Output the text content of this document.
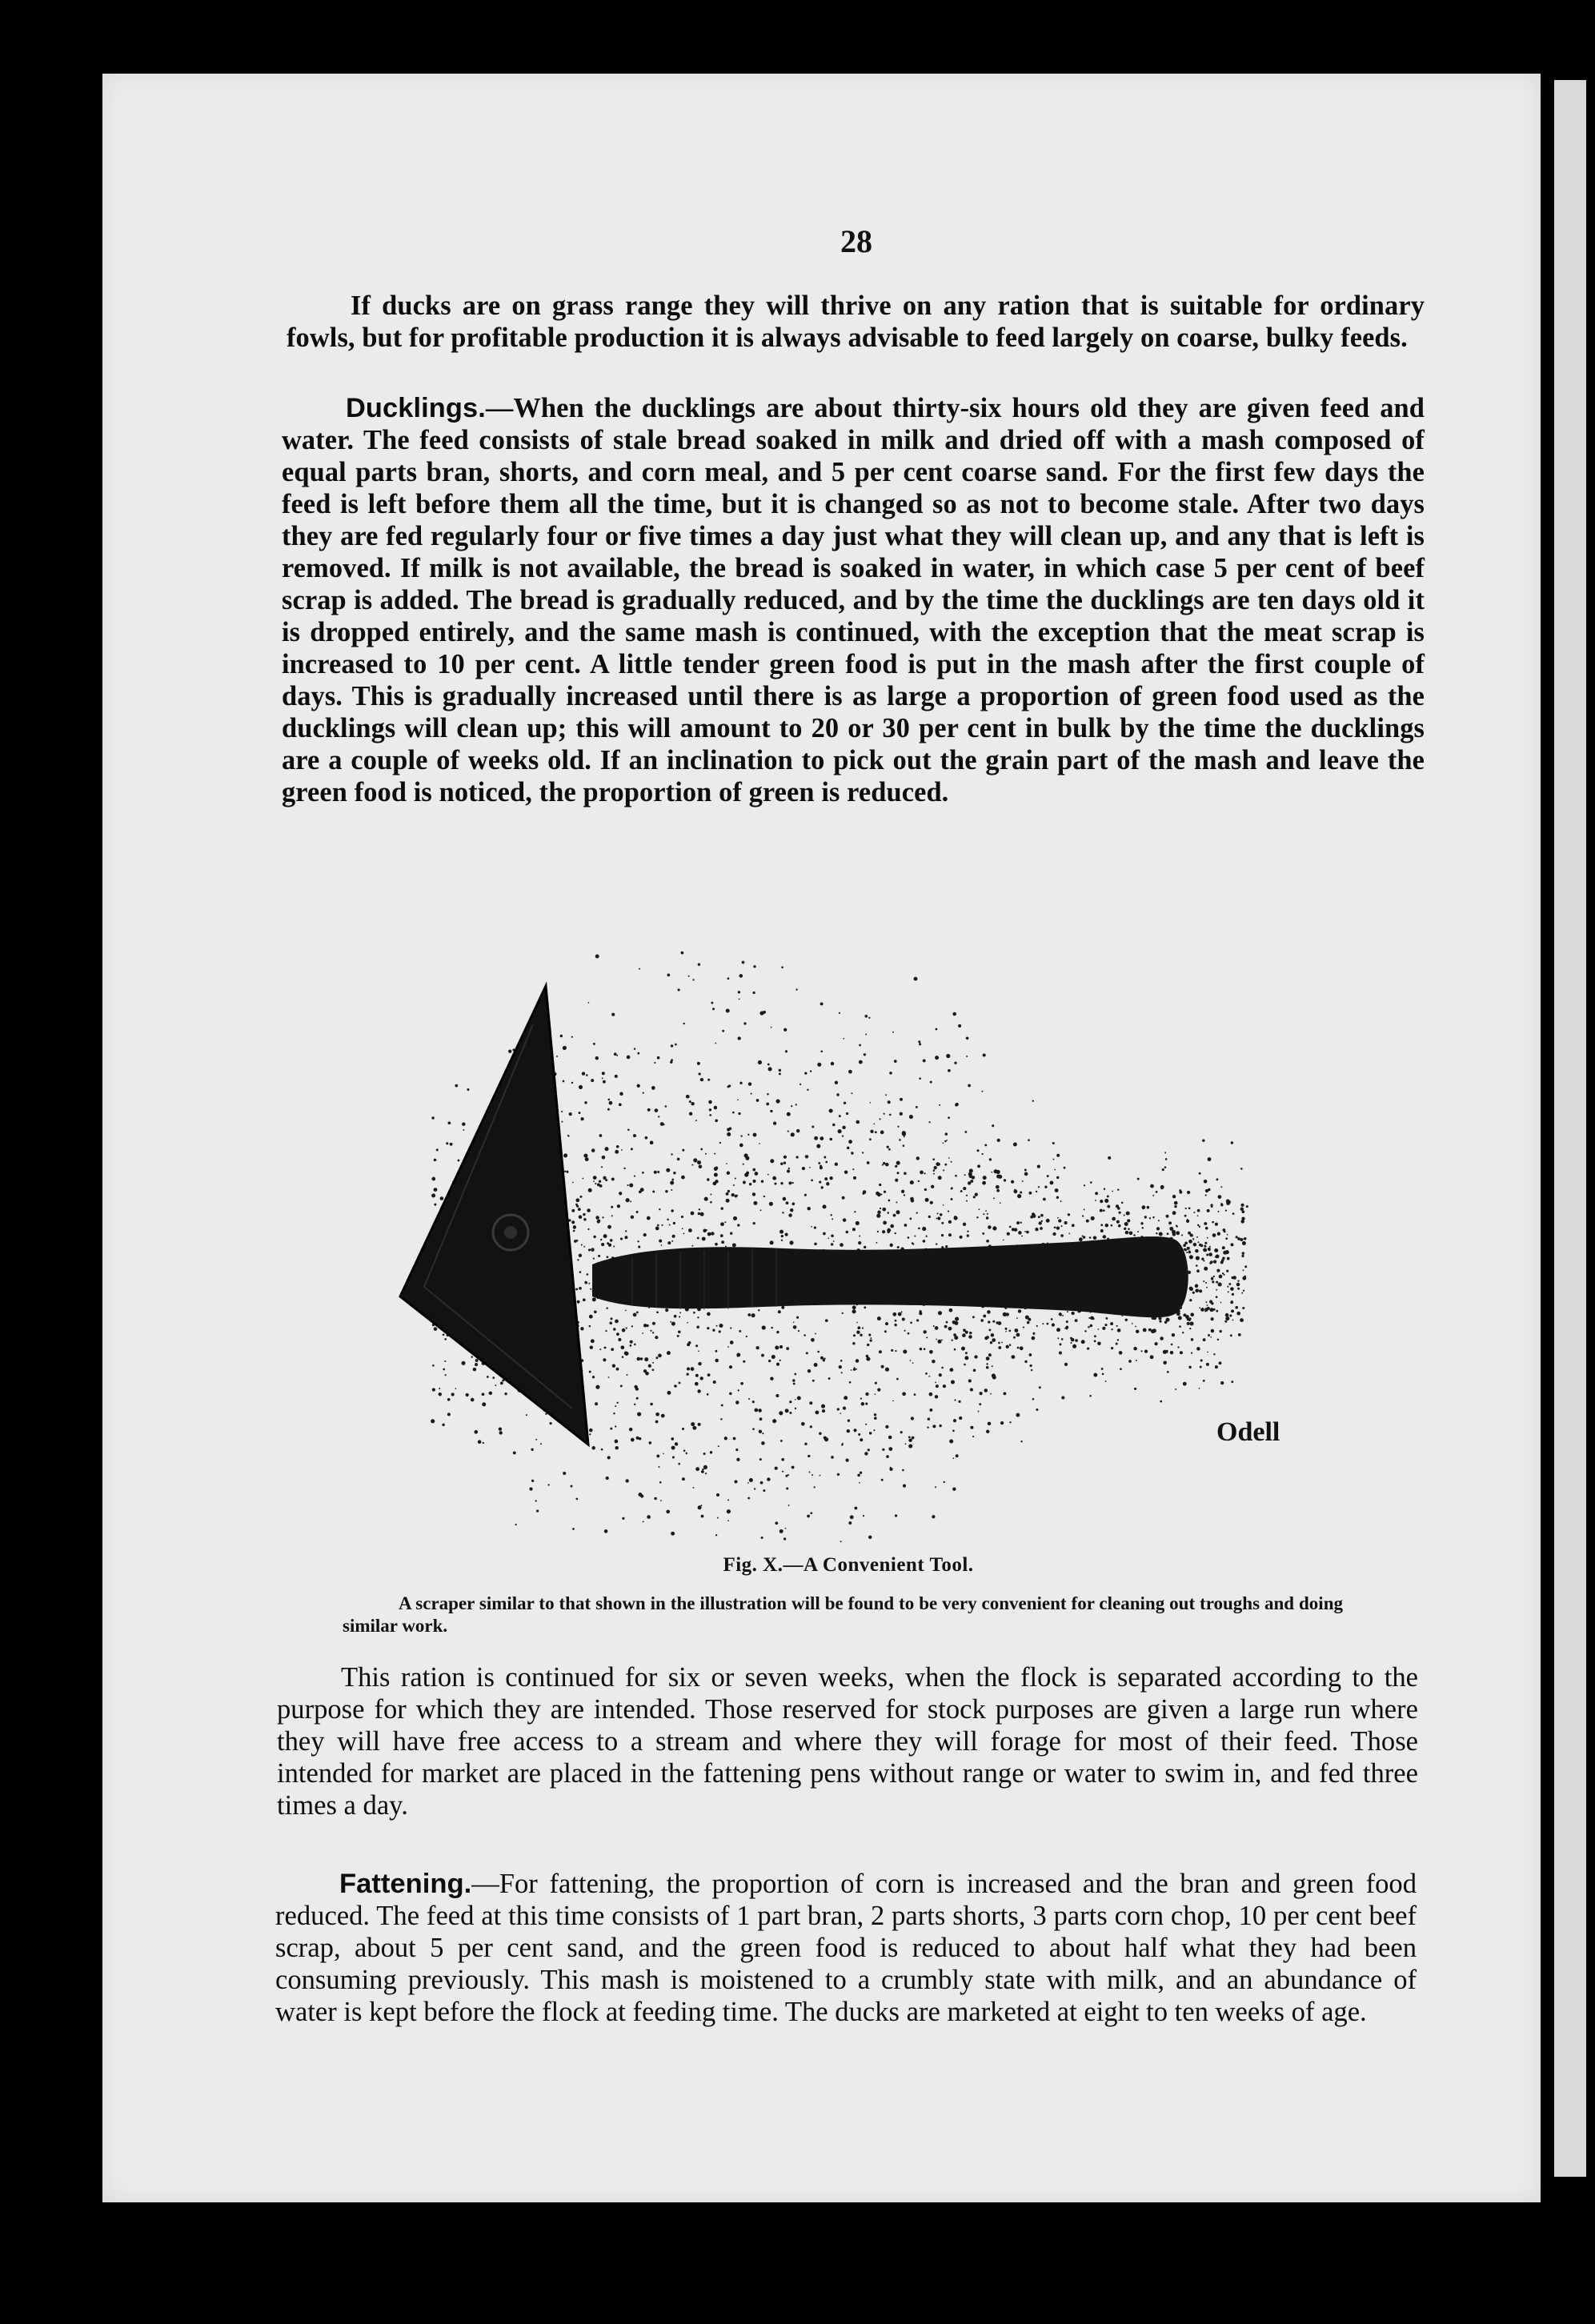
28

If ducks are on grass range they will thrive on any ration that is suitable for ordinary fowls, but for profitable production it is always advisable to feed largely on coarse, bulky feeds.

Ducklings.—When the ducklings are about thirty-six hours old they are given feed and water. The feed consists of stale bread soaked in milk and dried off with a mash composed of equal parts bran, shorts, and corn meal, and 5 per cent coarse sand. For the first few days the feed is left before them all the time, but it is changed so as not to become stale. After two days they are fed regularly four or five times a day just what they will clean up, and any that is left is removed. If milk is not available, the bread is soaked in water, in which case 5 per cent of beef scrap is added. The bread is gradually reduced, and by the time the ducklings are ten days old it is dropped entirely, and the same mash is continued, with the exception that the meat scrap is increased to 10 per cent. A little tender green food is put in the mash after the first couple of days. This is gradually increased until there is as large a proportion of green food used as the ducklings will clean up; this will amount to 20 or 30 per cent in bulk by the time the ducklings are a couple of weeks old. If an inclination to pick out the grain part of the mash and leave the green food is noticed, the proportion of green is reduced.

Odell
Fig. X.—A Convenient Tool.

A scraper similar to that shown in the illustration will be found to be very convenient for cleaning out troughs and doing similar work.

This ration is continued for six or seven weeks, when the flock is separated according to the purpose for which they are intended. Those reserved for stock purposes are given a large run where they will have free access to a stream and where they will forage for most of their feed. Those intended for market are placed in the fattening pens without range or water to swim in, and fed three times a day.

Fattening.—For fattening, the proportion of corn is increased and the bran and green food reduced. The feed at this time consists of 1 part bran, 2 parts shorts, 3 parts corn chop, 10 per cent beef scrap, about 5 per cent sand, and the green food is reduced to about half what they had been consuming previously. This mash is moistened to a crumbly state with milk, and an abundance of water is kept before the flock at feeding time. The ducks are marketed at eight to ten weeks of age.
